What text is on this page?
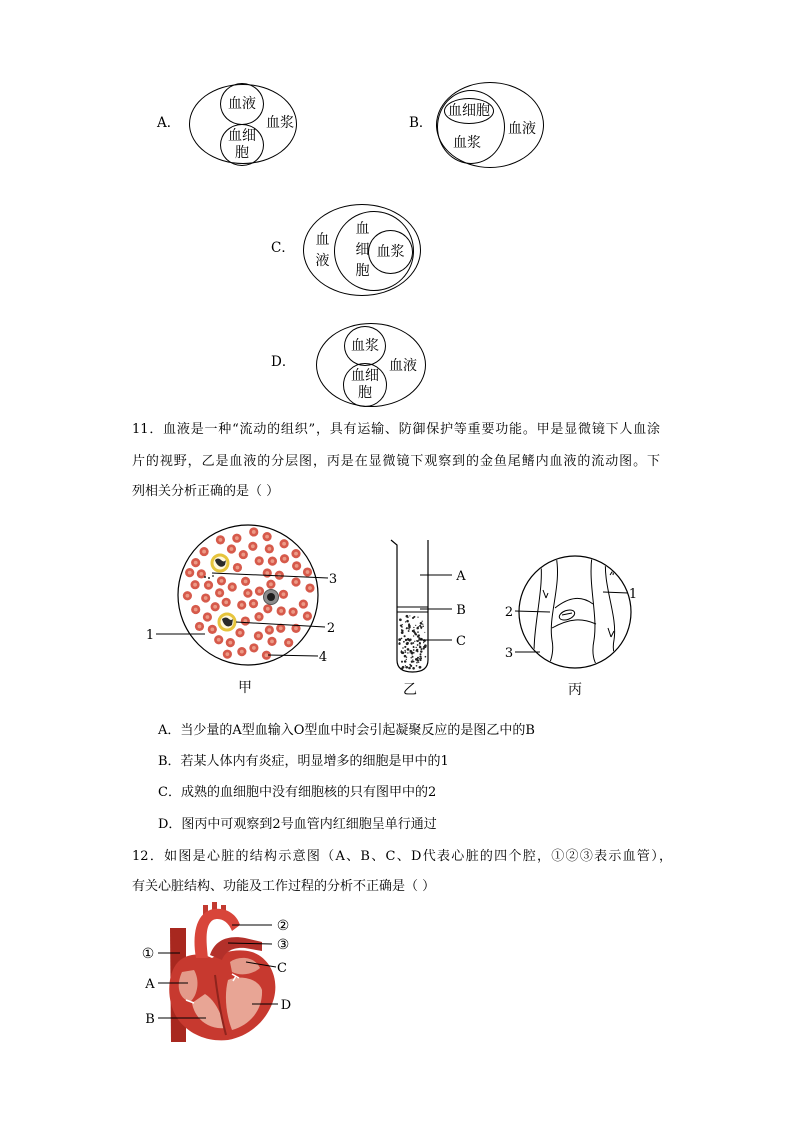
A．
血液
血细胞
血浆	B．
血细胞
血浆
血液
C． 血液
血细胞
血浆
D．
血浆
血细胞
血液
11．血液是一种“流动的组织”，具有运输、防御保护等重要功能。甲是显微镜下人血涂
片的视野，乙是血液的分层图，丙是在显微镜下观察到的金鱼尾鳍内血液的流动图。下
列相关分析正确的是（ ）
3
2
1
4
甲
A
B
C
乙
1
2
3
丙
A．当少量的A型血输入O型血中时会引起凝聚反应的是图乙中的B
B．若某人体内有炎症，明显增多的细胞是甲中的1
C．成熟的血细胞中没有细胞核的只有图甲中的2
D．图丙中可观察到2号血管内红细胞呈单行通过
12．如图是心脏的结构示意图（A、B、C、D代表心脏的四个腔，①②③表示血管），
有关心脏结构、功能及工作过程的分析不正确是（ ）
②
③
①
C
A
D
B
